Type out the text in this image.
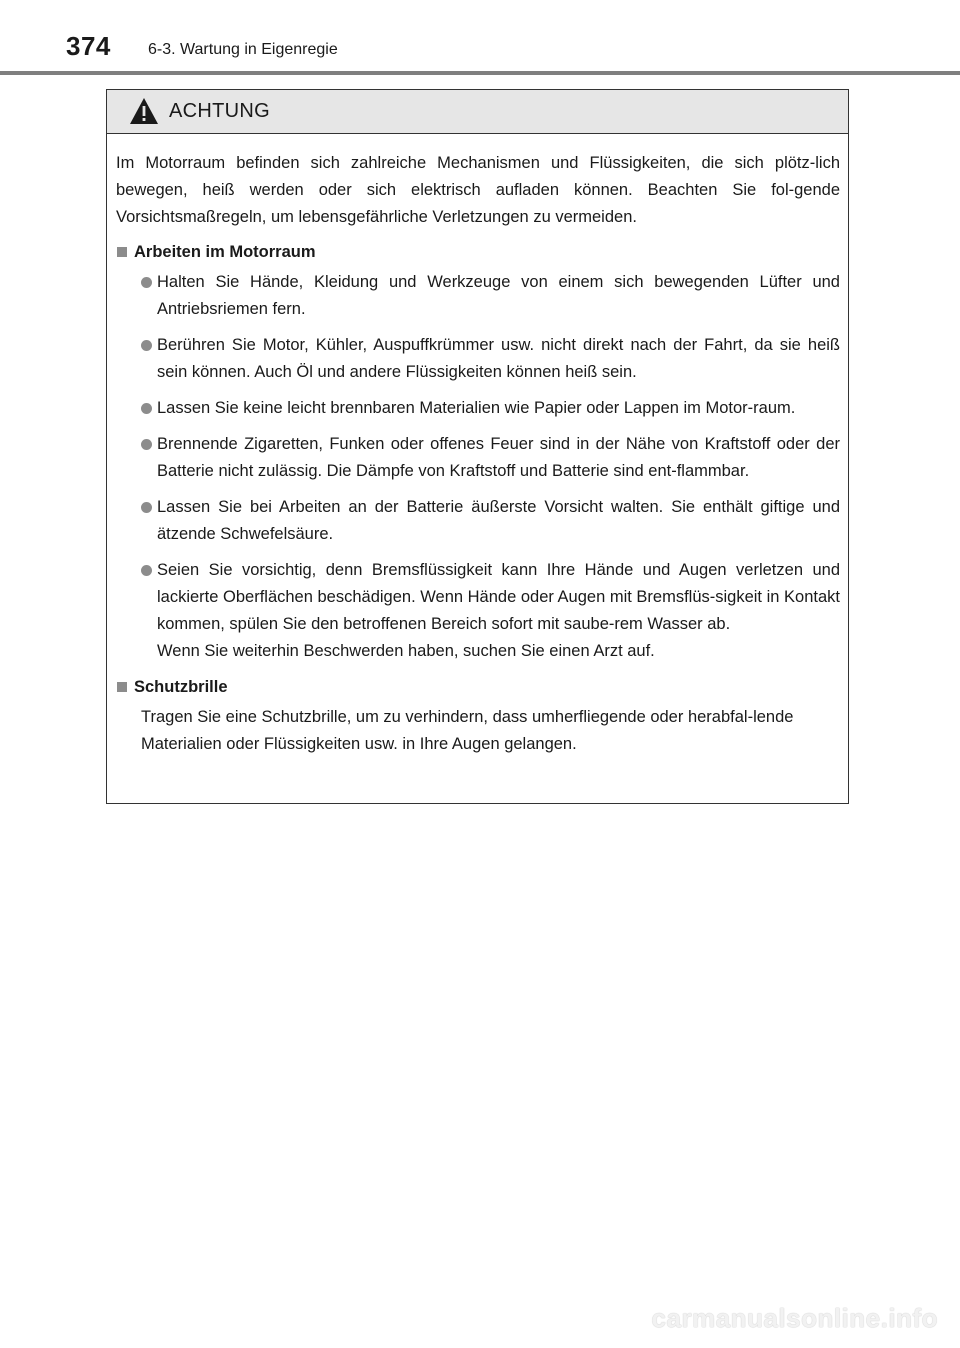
374 6-3. Wartung in Eigenregie
ACHTUNG

Im Motorraum befinden sich zahlreiche Mechanismen und Flüssigkeiten, die sich plötz-lich bewegen, heiß werden oder sich elektrisch aufladen können. Beachten Sie fol-gende Vorsichtsmaßregeln, um lebensgefährliche Verletzungen zu vermeiden.

Arbeiten im Motorraum
Halten Sie Hände, Kleidung und Werkzeuge von einem sich bewegenden Lüfter und Antriebsriemen fern.
Berühren Sie Motor, Kühler, Auspuffkrümmer usw. nicht direkt nach der Fahrt, da sie heiß sein können. Auch Öl und andere Flüssigkeiten können heiß sein.
Lassen Sie keine leicht brennbaren Materialien wie Papier oder Lappen im Motor-raum.
Brennende Zigaretten, Funken oder offenes Feuer sind in der Nähe von Kraftstoff oder der Batterie nicht zulässig. Die Dämpfe von Kraftstoff und Batterie sind ent-flammbar.
Lassen Sie bei Arbeiten an der Batterie äußerste Vorsicht walten. Sie enthält giftige und ätzende Schwefelsäure.
Seien Sie vorsichtig, denn Bremsflüssigkeit kann Ihre Hände und Augen verletzen und lackierte Oberflächen beschädigen. Wenn Hände oder Augen mit Bremsflüs-sigkeit in Kontakt kommen, spülen Sie den betroffenen Bereich sofort mit saube-rem Wasser ab.
Wenn Sie weiterhin Beschwerden haben, suchen Sie einen Arzt auf.
Schutzbrille

Tragen Sie eine Schutzbrille, um zu verhindern, dass umherfliegende oder herabfal-lende Materialien oder Flüssigkeiten usw. in Ihre Augen gelangen.

carmanualsonline.info
